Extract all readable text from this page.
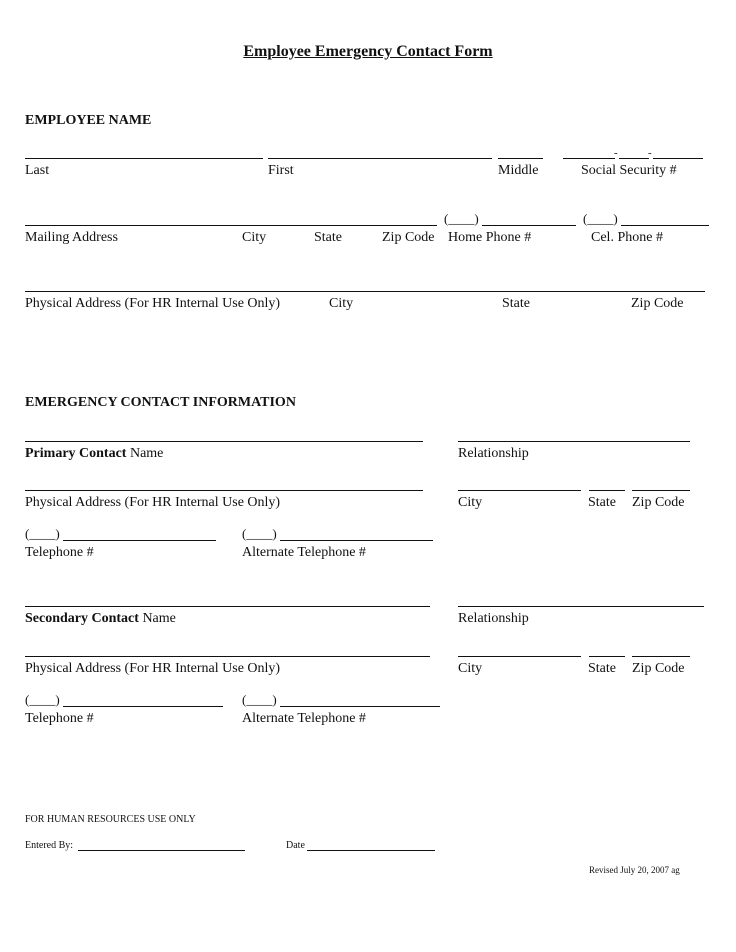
Employee Emergency Contact Form
EMPLOYEE NAME
-	-
Last	First	Middle	Social Security #
(____)	(____)
Mailing Address	City	State	Zip Code Home Phone #	Cel. Phone #
Physical Address (For HR Internal Use Only)	City	State	Zip Code
EMERGENCY CONTACT INFORMATION
Primary Contact Name	Relationship
Physical Address (For HR Internal Use Only)	City	State Zip Code
(____)	(____)
Telephone #	Alternate Telephone #
Secondary Contact Name	Relationship
Physical Address (For HR Internal Use Only)	City	State Zip Code
(____)	(____)
Telephone #	Alternate Telephone #
FOR HUMAN RESOURCES USE ONLY
Entered By:	Date
Revised July 20, 2007 ag
